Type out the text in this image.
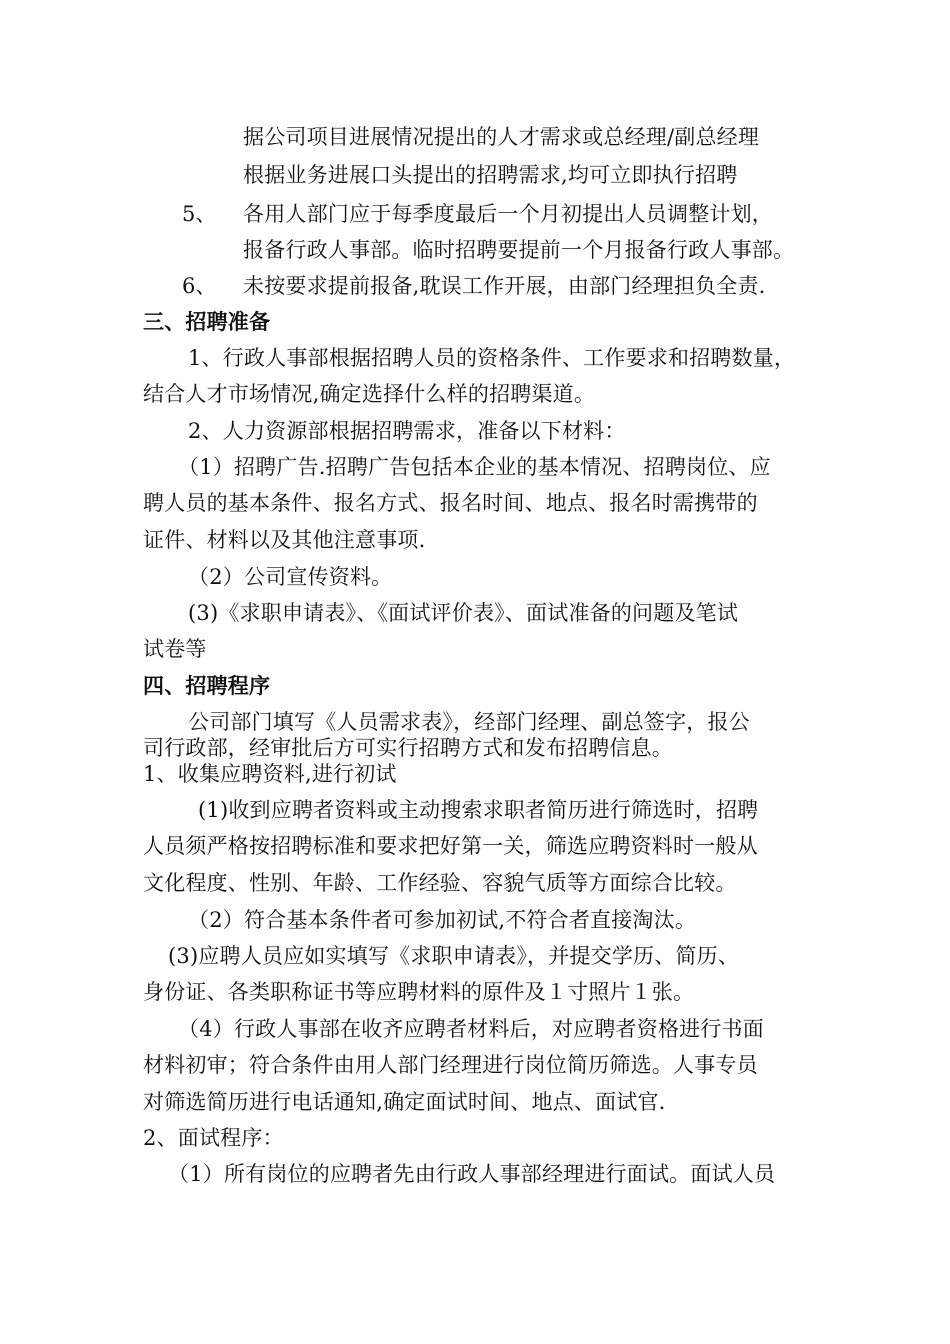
据公司项目进展情况提出的人才需求或总经理/副总经理
根据业务进展口头提出的招聘需求,均可立即执行招聘
5、 各用人部门应于每季度最后一个月初提出人员调整计划，
报备行政人事部。临时招聘要提前一个月报备行政人事部。
6、 未按要求提前报备,耽误工作开展，由部门经理担负全责.
三、招聘准备
1、行政人事部根据招聘人员的资格条件、工作要求和招聘数量，
结合人才市场情况,确定选择什么样的招聘渠道。
2、人力资源部根据招聘需求，准备以下材料：
（1）招聘广告.招聘广告包括本企业的基本情况、招聘岗位、应
聘人员的基本条件、报名方式、报名时间、地点、报名时需携带的
证件、材料以及其他注意事项.
（2）公司宣传资料。
(3)《求职申请表》、《面试评价表》、面试准备的问题及笔试
试卷等
四、招聘程序
公司部门填写《人员需求表》，经部门经理、副总签字，报公
司行政部，经审批后方可实行招聘方式和发布招聘信息。
1、收集应聘资料,进行初试
(1)收到应聘者资料或主动搜索求职者简历进行筛选时，招聘
人员须严格按招聘标准和要求把好第一关，筛选应聘资料时一般从
文化程度、性别、年龄、工作经验、容貌气质等方面综合比较。
（2）符合基本条件者可参加初试,不符合者直接淘汰。
(3)应聘人员应如实填写《求职申请表》，并提交学历、简历、
身份证、各类职称证书等应聘材料的原件及１寸照片１张。
（4）行政人事部在收齐应聘者材料后，对应聘者资格进行书面
材料初审；符合条件由用人部门经理进行岗位简历筛选。人事专员
对筛选简历进行电话通知,确定面试时间、地点、面试官.
2、面试程序：
（1）所有岗位的应聘者先由行政人事部经理进行面试。面试人员
